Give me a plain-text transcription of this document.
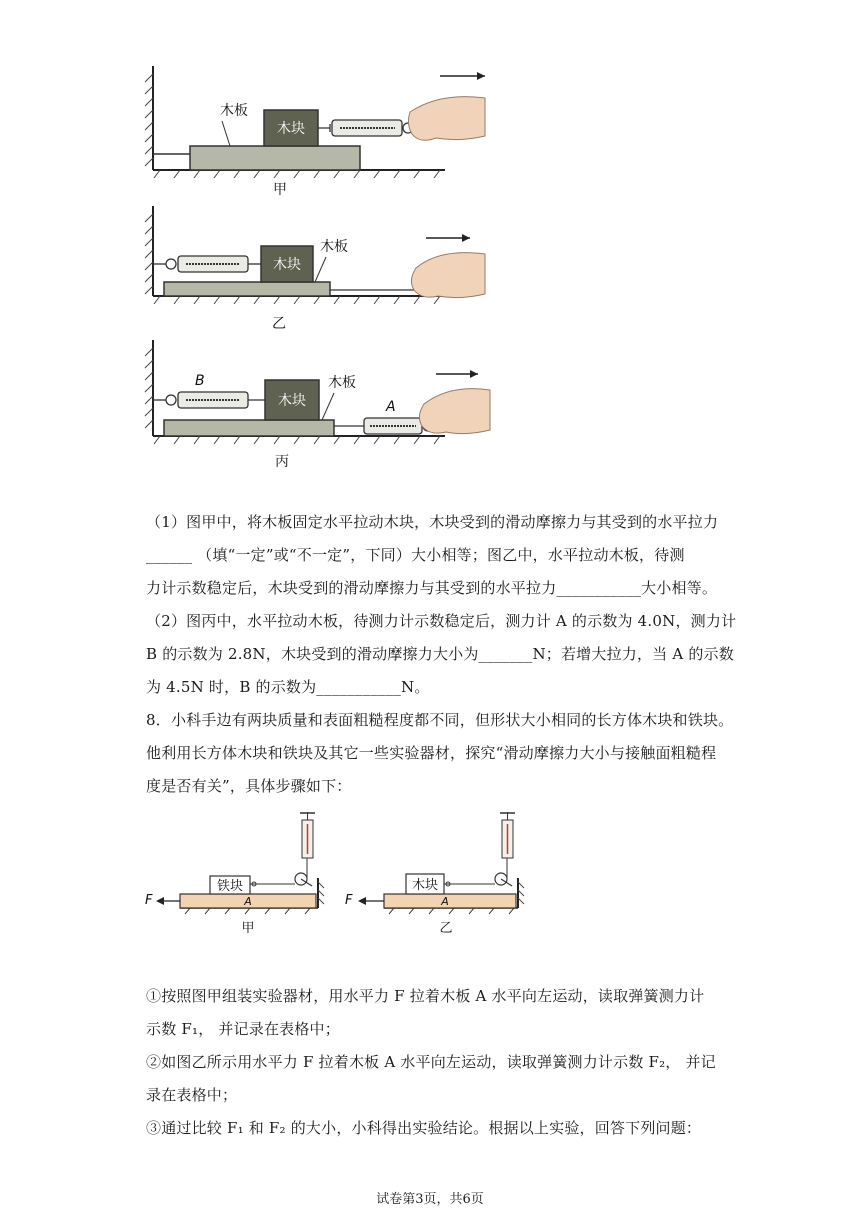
木块
木板
甲
木块
木板
乙
木块
木板
B
A
丙
（1）图甲中，将木板固定水平拉动木块，木块受到的滑动摩擦力与其受到的水平拉力
______ （填“一定”或“不一定”，下同）大小相等；图乙中，水平拉动木板，待测
力计示数稳定后，木块受到的滑动摩擦力与其受到的水平拉力___________大小相等。
（2）图丙中，水平拉动木板，待测力计示数稳定后，测力计 A 的示数为 4.0N，测力计
B 的示数为 2.8N，木块受到的滑动摩擦力大小为_______N；若增大拉力，当 A 的示数
为 4.5N 时，B 的示数为___________N。
8．小科手边有两块质量和表面粗糙程度都不同，但形状大小相同的长方体木块和铁块。
他利用长方体木块和铁块及其它一些实验器材，探究“滑动摩擦力大小与接触面粗糙程
度是否有关”，具体步骤如下：
A
铁块
F
甲
A
木块
F
乙
①按照图甲组装实验器材，用水平力 F 拉着木板 A 水平向左运动，读取弹簧测力计
示数 F₁， 并记录在表格中；
②如图乙所示用水平力 F 拉着木板 A 水平向左运动，读取弹簧测力计示数 F₂， 并记
录在表格中；
③通过比较 F₁ 和 F₂ 的大小，小科得出实验结论。根据以上实验，回答下列问题：
试卷第3页，共6页
